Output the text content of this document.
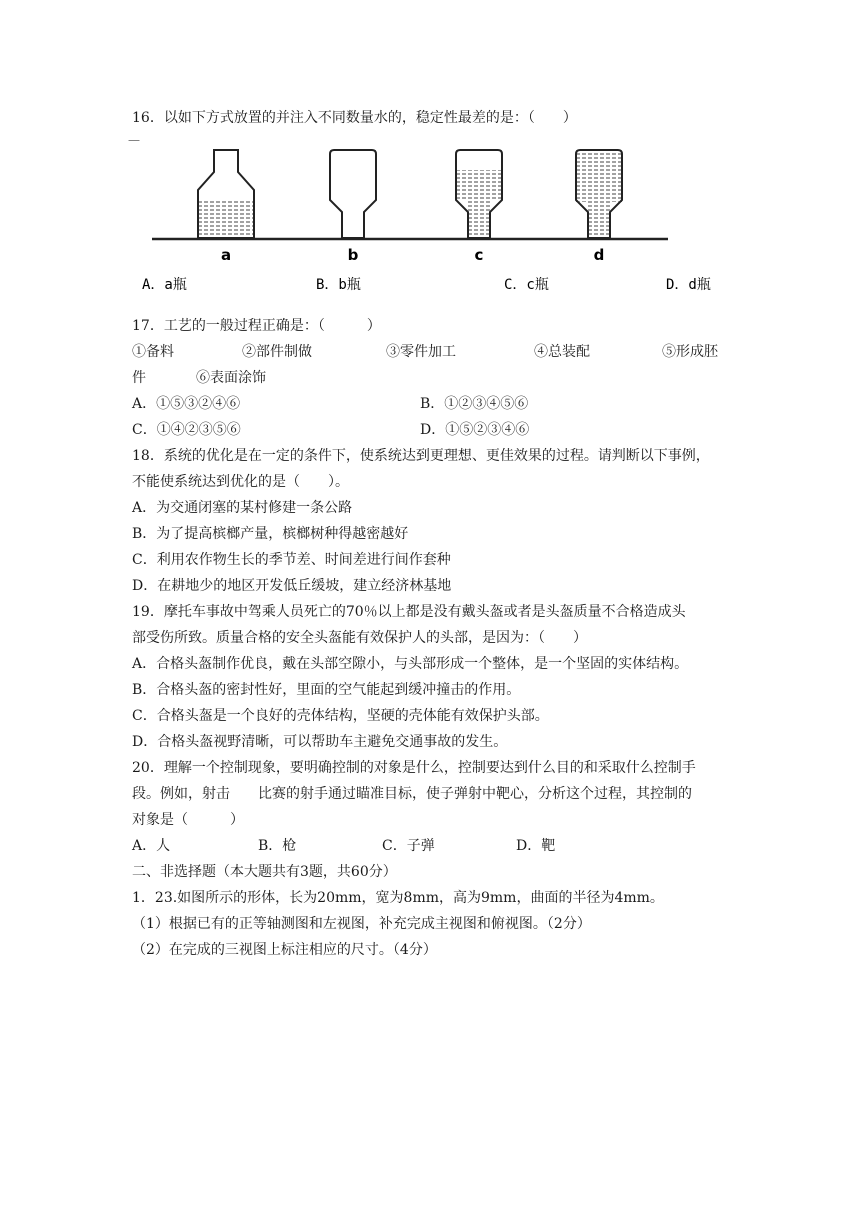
16．以如下方式放置的并注入不同数量水的，稳定性最差的是：（　　）
—
a	b	c	d
A．a瓶	B．b瓶	C．c瓶	D．d瓶
17．工艺的一般过程正确是：（　　　）
①备料	②部件制做	③零件加工	④总装配	⑤形成胚
件	⑥表面涂饰
A．①⑤③②④⑥	B．①②③④⑤⑥
C．①④②③⑤⑥	D．①⑤②③④⑥
18．系统的优化是在一定的条件下，使系统达到更理想、更佳效果的过程。请判断以下事例，
不能使系统达到优化的是（　　）。
A．为交通闭塞的某村修建一条公路
B．为了提高槟榔产量，槟榔树种得越密越好
C．利用农作物生长的季节差、时间差进行间作套种
D．在耕地少的地区开发低丘缓坡，建立经济林基地
19．摩托车事故中驾乘人员死亡的70％以上都是没有戴头盔或者是头盔质量不合格造成头
部受伤所致。质量合格的安全头盔能有效保护人的头部，是因为：（　　）
A．合格头盔制作优良，戴在头部空隙小，与头部形成一个整体，是一个坚固的实体结构。
B．合格头盔的密封性好，里面的空气能起到缓冲撞击的作用。
C．合格头盔是一个良好的壳体结构，坚硬的壳体能有效保护头部。
D．合格头盔视野清晰，可以帮助车主避免交通事故的发生。
20．理解一个控制现象，要明确控制的对象是什么，控制要达到什么目的和采取什么控制手
段。例如，射击　　比赛的射手通过瞄准目标，使子弹射中靶心，分析这个过程，其控制的
对象是（　　　）
A．人	B．枪	C．子弹	D．靶
二、非选择题（本大题共有3题，共60分）
1．23.如图所示的形体，长为20mm，宽为8mm，高为9mm，曲面的半径为4mm。
（1）根据已有的正等轴测图和左视图，补充完成主视图和俯视图。（2分）
（2）在完成的三视图上标注相应的尺寸。（4分）
